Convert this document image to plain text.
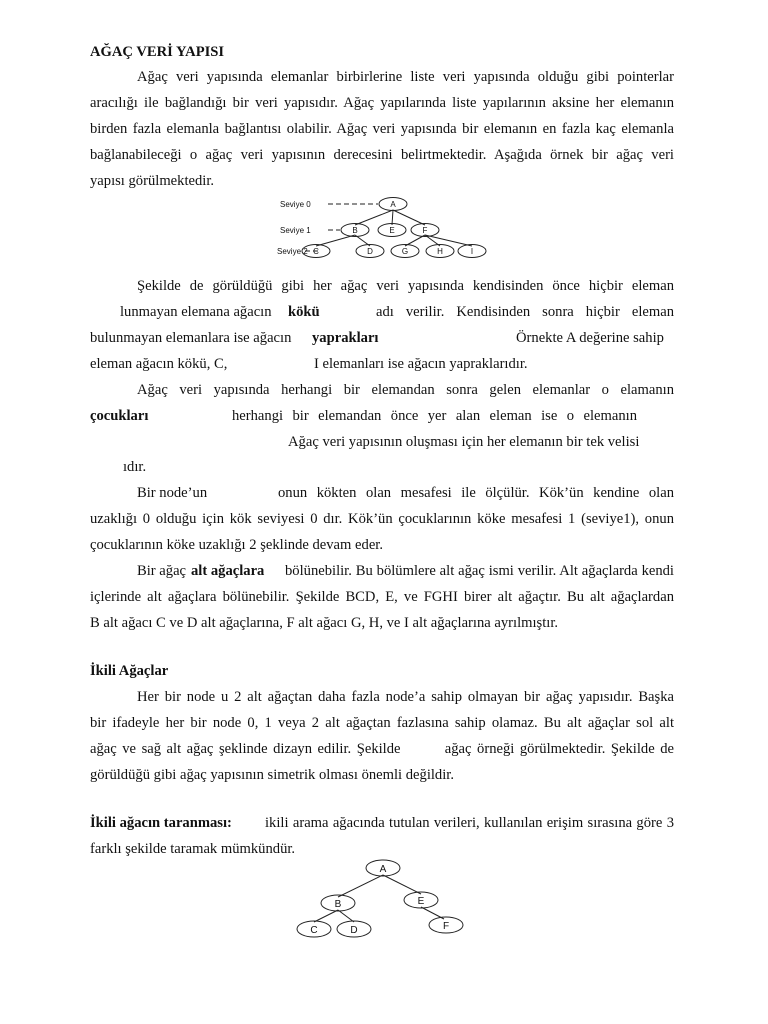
AĞAÇ VERİ YAPISI
Ağaç veri yapısında elemanlar birbirlerine liste veri yapısında olduğu gibi pointerlar
aracılığı ile bağlandığı bir veri yapısıdır. Ağaç yapılarında liste yapılarının aksine her elemanın
birden fazla elemanla bağlantısı olabilir. Ağaç veri yapısında bir elemanın en fazla kaç elemanla
bağlanabileceği o ağaç veri yapısının derecesini belirtmektedir. Aşağıda örnek bir ağaç veri
yapısı görülmektedir.
Seviye 0
Seviye 1
Seviye 2
A
B	E	F
C	D	G	H	I
Şekilde de görüldüğü gibi her ağaç veri yapısında kendisinden önce hiçbir eleman
lunmayan elemana ağacın kökü	adı verilir. Kendisinden sonra hiçbir eleman
bulunmayan elemanlara ise ağacın yaprakları	Örnekte A değerine sahip
eleman ağacın kökü, C,	I elemanları ise ağacın yapraklarıdır.
Ağaç veri yapısında herhangi bir elemandan sonra gelen elemanlar o elamanın
çocukları	herhangi bir elemandan önce yer alan eleman ise o elemanın
Ağaç veri yapısının oluşması için her elemanın bir tek velisi
ıdır.
Bir node’un	onun kökten olan mesafesi ile ölçülür. Kök’ün kendine olan
uzaklığı 0 olduğu için kök seviyesi 0 dır. Kök’ün çocuklarının köke mesafesi 1 (seviye1), onun
çocuklarının köke uzaklığı 2 şeklinde devam eder.
Bir ağaç alt ağaçlara bölünebilir. Bu bölümlere alt ağaç ismi verilir. Alt ağaçlarda kendi
içlerinde alt ağaçlara bölünebilir. Şekilde BCD, E, ve FGHI birer alt ağaçtır. Bu alt ağaçlardan
B alt ağacı C ve D alt ağaçlarına, F alt ağacı G, H, ve I alt ağaçlarına ayrılmıştır.
İkili Ağaçlar
Her bir node u 2 alt ağaçtan daha fazla node’a sahip olmayan bir ağaç yapısıdır. Başka
bir ifadeyle her bir node 0, 1 veya 2 alt ağaçtan fazlasına sahip olamaz. Bu alt ağaçlar sol alt
ağaç ve sağ alt ağaç şeklinde dizayn edilir. Şekilde        ağaç örneği görülmektedir. Şekilde de
görüldüğü gibi ağaç yapısının simetrik olması önemli değildir.
İkili ağacın taranması: ikili arama ağacında tutulan verileri, kullanılan erişim sırasına göre 3
farklı şekilde taramak mümkündür.
A
B	E
C	D	F
